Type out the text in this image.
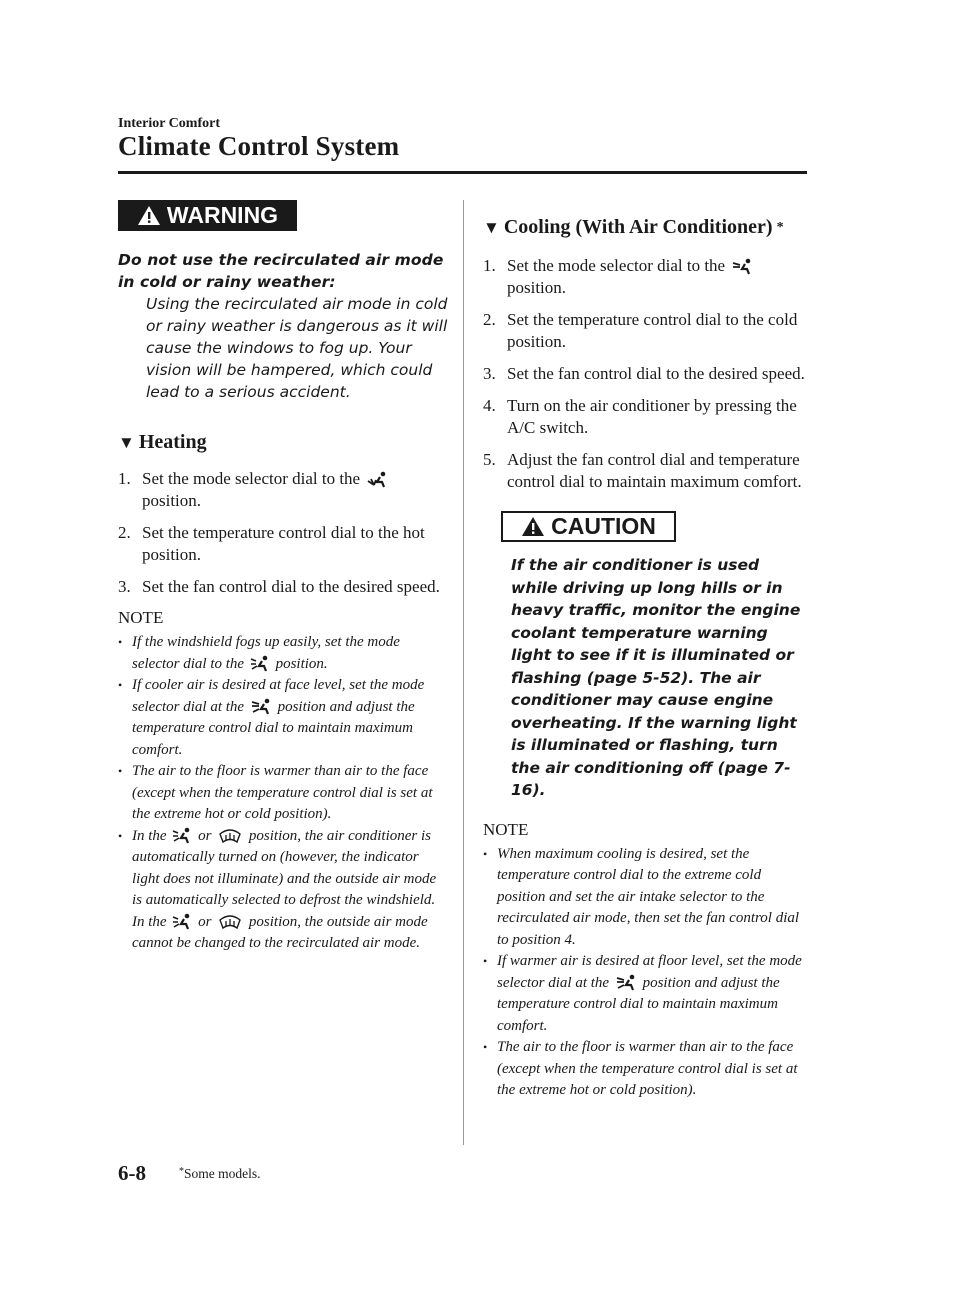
Interior Comfort
Climate Control System
WARNING
Do not use the recirculated air mode in cold or rainy weather:
Using the recirculated air mode in cold or rainy weather is dangerous as it will cause the windows to fog up. Your vision will be hampered, which could lead to a serious accident.
▼ Heating
1. Set the mode selector dial to the
position.
2. Set the temperature control dial to the hot position.
3. Set the fan control dial to the desired speed.
NOTE
• If the windshield fogs up easily, set the mode selector dial to the position.
• If cooler air is desired at face level, set the mode selector dial at the position and adjust the temperature control dial to maintain maximum comfort.
• The air to the floor is warmer than air to the face (except when the temperature control dial is set at the extreme hot or cold position).
• In the or	position, the air conditioner is automatically turned on (however, the indicator light does not illuminate) and the outside air mode is automatically selected to defrost the windshield.
In the or	position, the outside air mode cannot be changed to the recirculated air mode.
▼ Cooling (With Air Conditioner) *
1. Set the mode selector dial to the
position.
2. Set the temperature control dial to the cold position.
3. Set the fan control dial to the desired speed.
4. Turn on the air conditioner by pressing the A/C switch.
5. Adjust the fan control dial and temperature control dial to maintain maximum comfort.
CAUTION
If the air conditioner is used while driving up long hills or in heavy traffic, monitor the engine coolant temperature warning light to see if it is illuminated or flashing (page 5-52). The air conditioner may cause engine overheating. If the warning light is illuminated or flashing, turn the air conditioning off (page 7-16).
NOTE
• When maximum cooling is desired, set the temperature control dial to the extreme cold position and set the air intake selector to the recirculated air mode, then set the fan control dial to position 4.
• If warmer air is desired at floor level, set the mode selector dial at the position and adjust the temperature control dial to maintain maximum comfort.
• The air to the floor is warmer than air to the face (except when the temperature control dial is set at the extreme hot or cold position).
6-8	*Some models.
